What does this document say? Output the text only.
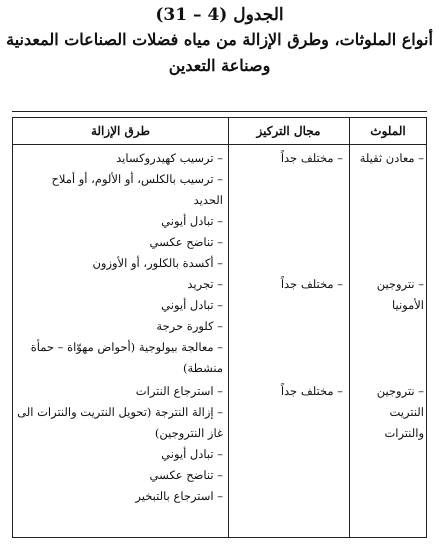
الجدول (4 – 31)
أنواع الملوثات، وطرق الإزالة من مياه فضلات الصناعات المعدنية
وصناعة التعدين
طرق الإزالة	مجال التركيز	الملوث
– معادن ثقيلة
– مختلف جداً
– ترسيب كهيدروكسايد
– ترسيب بالكلس، أو الألوم، أو أملاح
الحديد
– تبادل أيوني
– تناضح عكسي
– أكسدة بالكلور، أو الأوزون
– نتروجين
الأمونيا
– مختلف جداً
– تجريد
– تبادل أيوني
– كلورة حرجة
– معالجة بيولوجية (أحواض مهوّاة – حمأة
منشطة)
– نتروجين
النتريت
والنترات
– مختلف جداً
– استرجاع النترات
– إزالة النترجة (تحويل النتريت والنترات الى
غاز النتروجين)
– تبادل أيوني
– تناضح عكسي
– استرجاع بالتبخير
